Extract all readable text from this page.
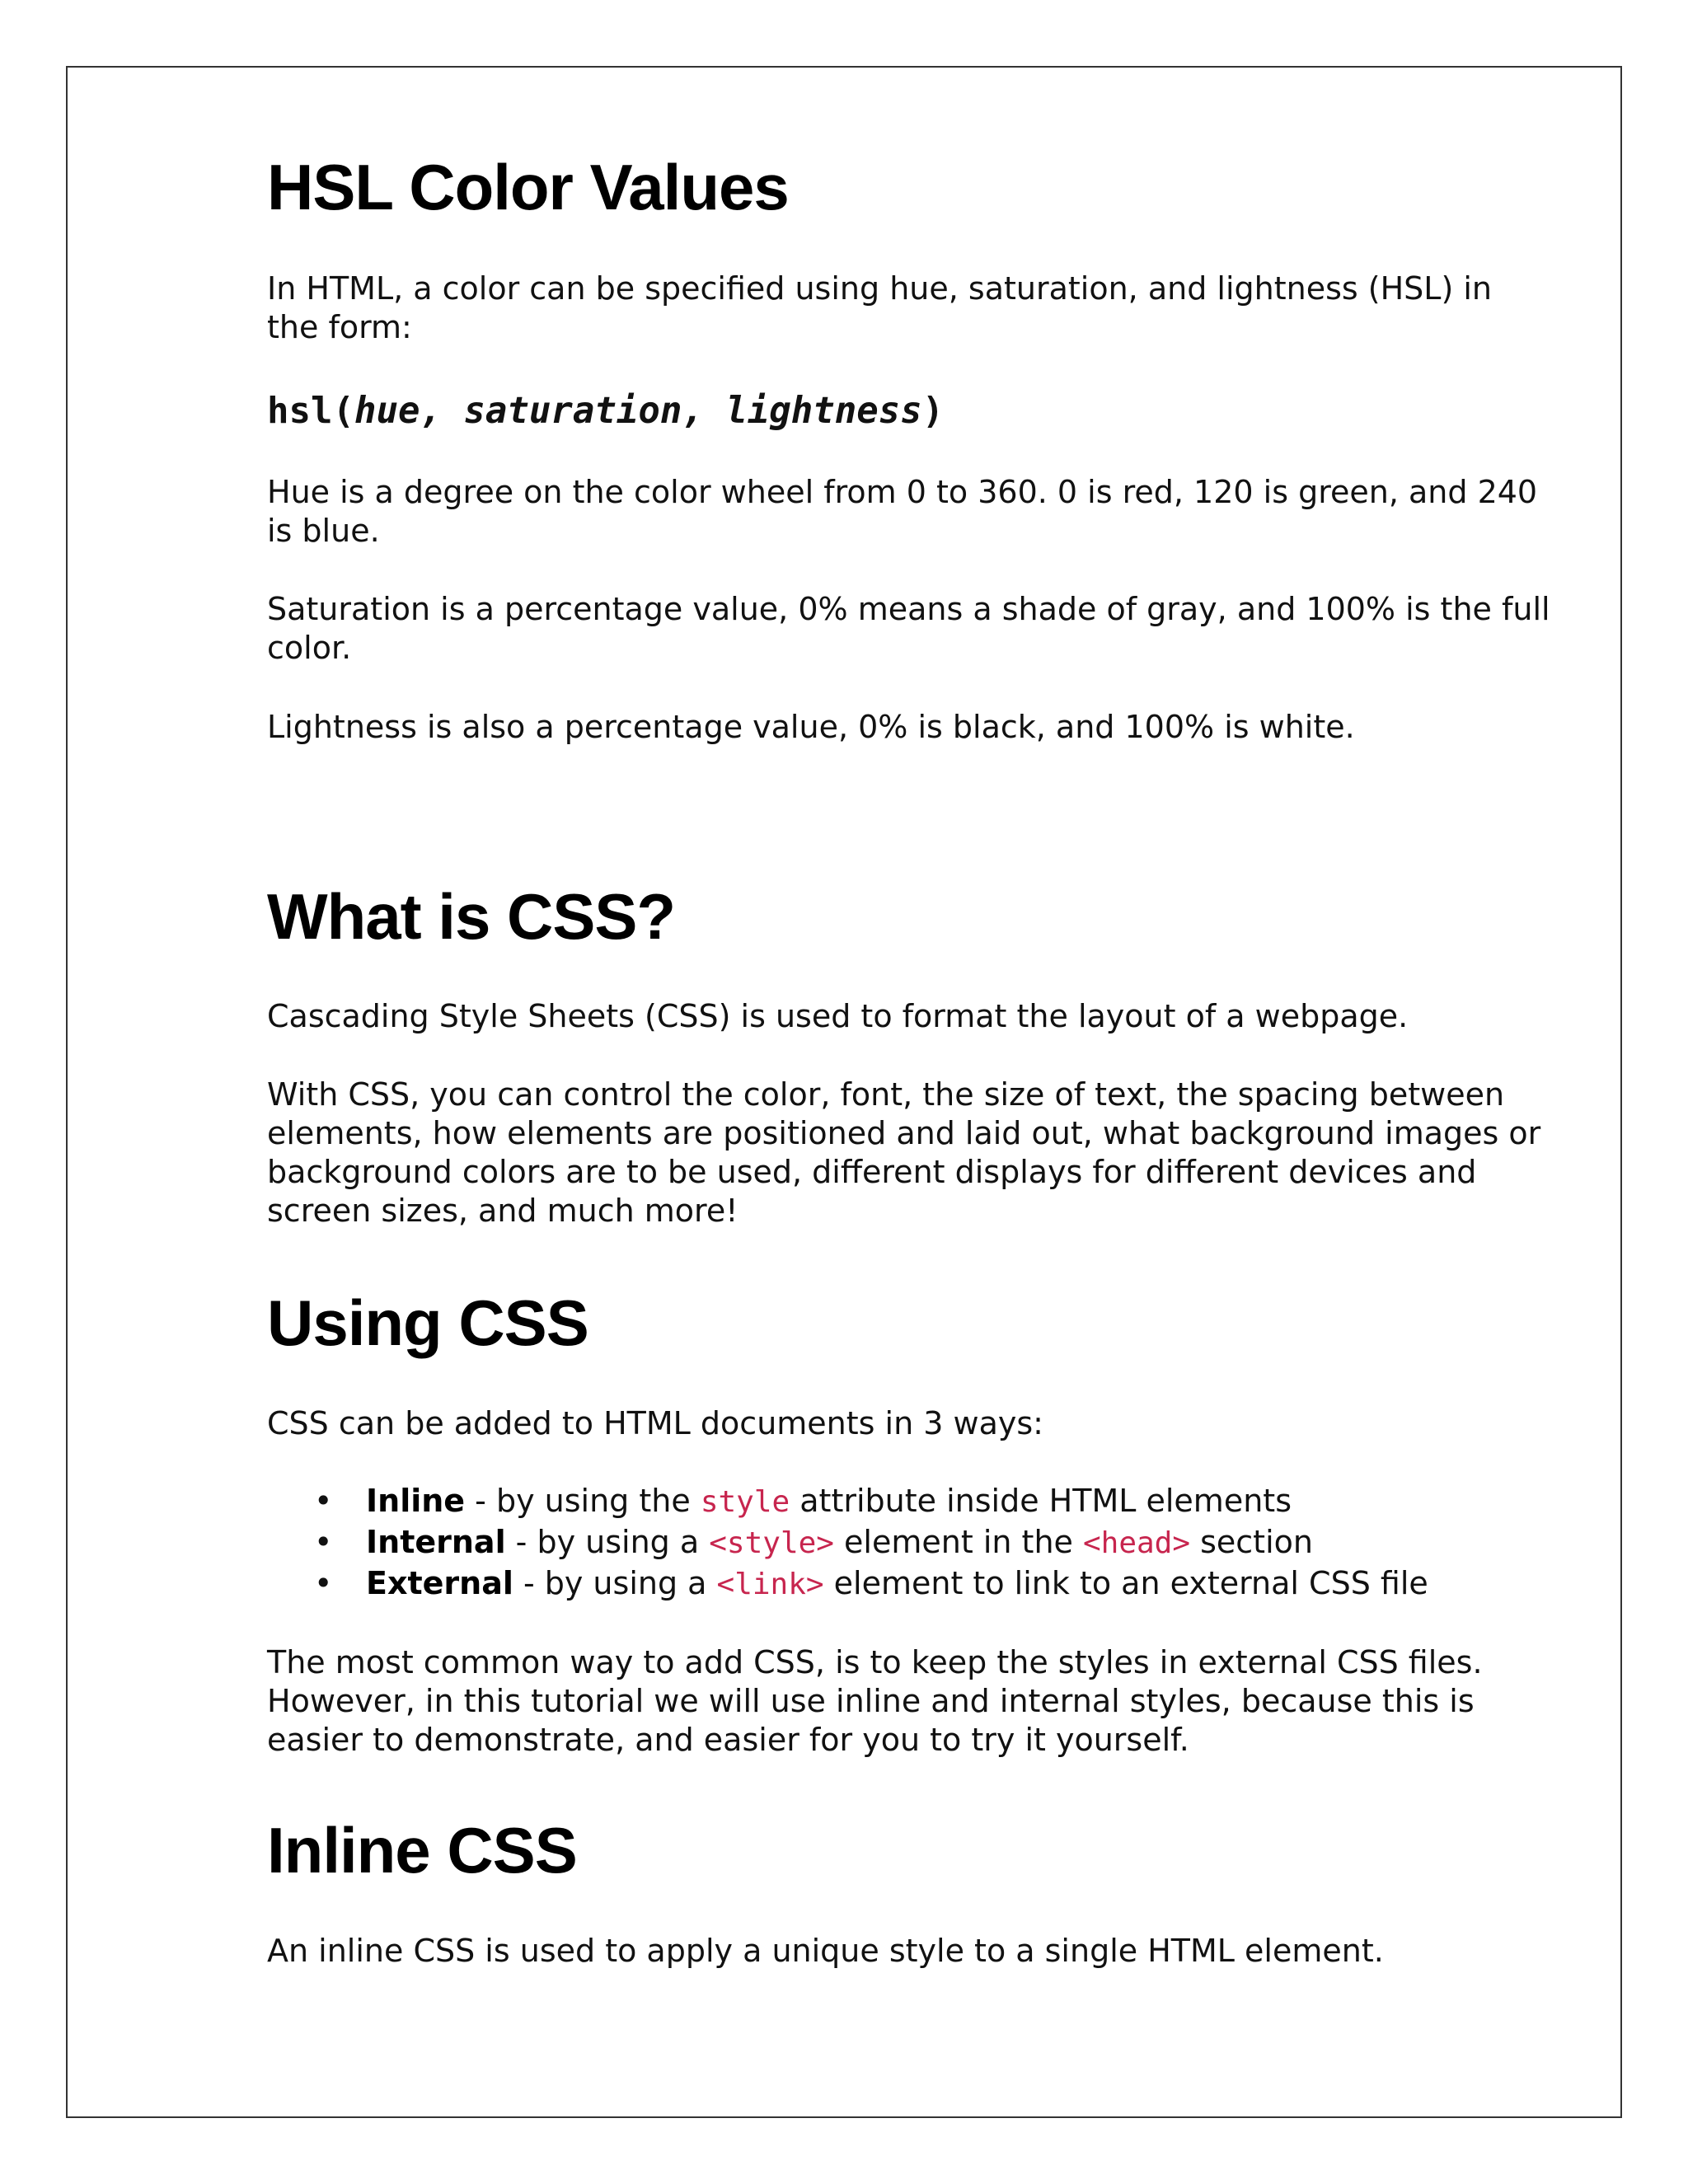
HSL Color Values

In HTML, a color can be specified using hue, saturation, and lightness (HSL) in the form:

hsl(hue, saturation, lightness)

Hue is a degree on the color wheel from 0 to 360. 0 is red, 120 is green, and 240 is blue.

Saturation is a percentage value, 0% means a shade of gray, and 100% is the full color.

Lightness is also a percentage value, 0% is black, and 100% is white.

What is CSS?

Cascading Style Sheets (CSS) is used to format the layout of a webpage.

With CSS, you can control the color, font, the size of text, the spacing between elements, how elements are positioned and laid out, what background images or background colors are to be used, different displays for different devices and screen sizes, and much more!

Using CSS

CSS can be added to HTML documents in 3 ways:

• Inline - by using the style attribute inside HTML elements
• Internal - by using a <style> element in the <head> section
• External - by using a <link> element to link to an external CSS file

The most common way to add CSS, is to keep the styles in external CSS files. However, in this tutorial we will use inline and internal styles, because this is easier to demonstrate, and easier for you to try it yourself.

Inline CSS

An inline CSS is used to apply a unique style to a single HTML element.
